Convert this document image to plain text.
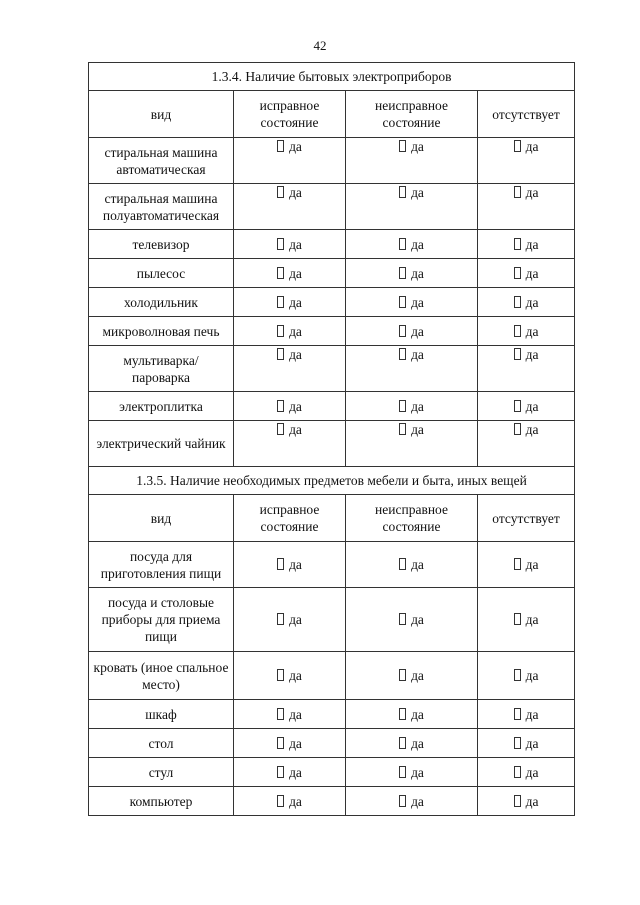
42
1.3.4. Наличие бытовых электроприборов			
вид	исправное состояние	неисправное состояние	отсутствует
стиральная машина автоматическая	да	да	да
стиральная машина полуавтоматическая	да	да	да
телевизор	да	да	да
пылесос	да	да	да
холодильник	да	да	да
микроволновая печь	да	да	да
мультиварка/ пароварка	да	да	да
электроплитка	да	да	да
электрический чайник	да	да	да
1.3.5. Наличие необходимых предметов мебели и быта, иных вещей			
вид	исправное состояние	неисправное состояние	отсутствует
посуда для приготовления пищи	да	да	да
посуда и столовые приборы для приема пищи	да	да	да
кровать (иное спальное место)	да	да	да
шкаф	да	да	да
стол	да	да	да
стул	да	да	да
компьютер	да	да	да
